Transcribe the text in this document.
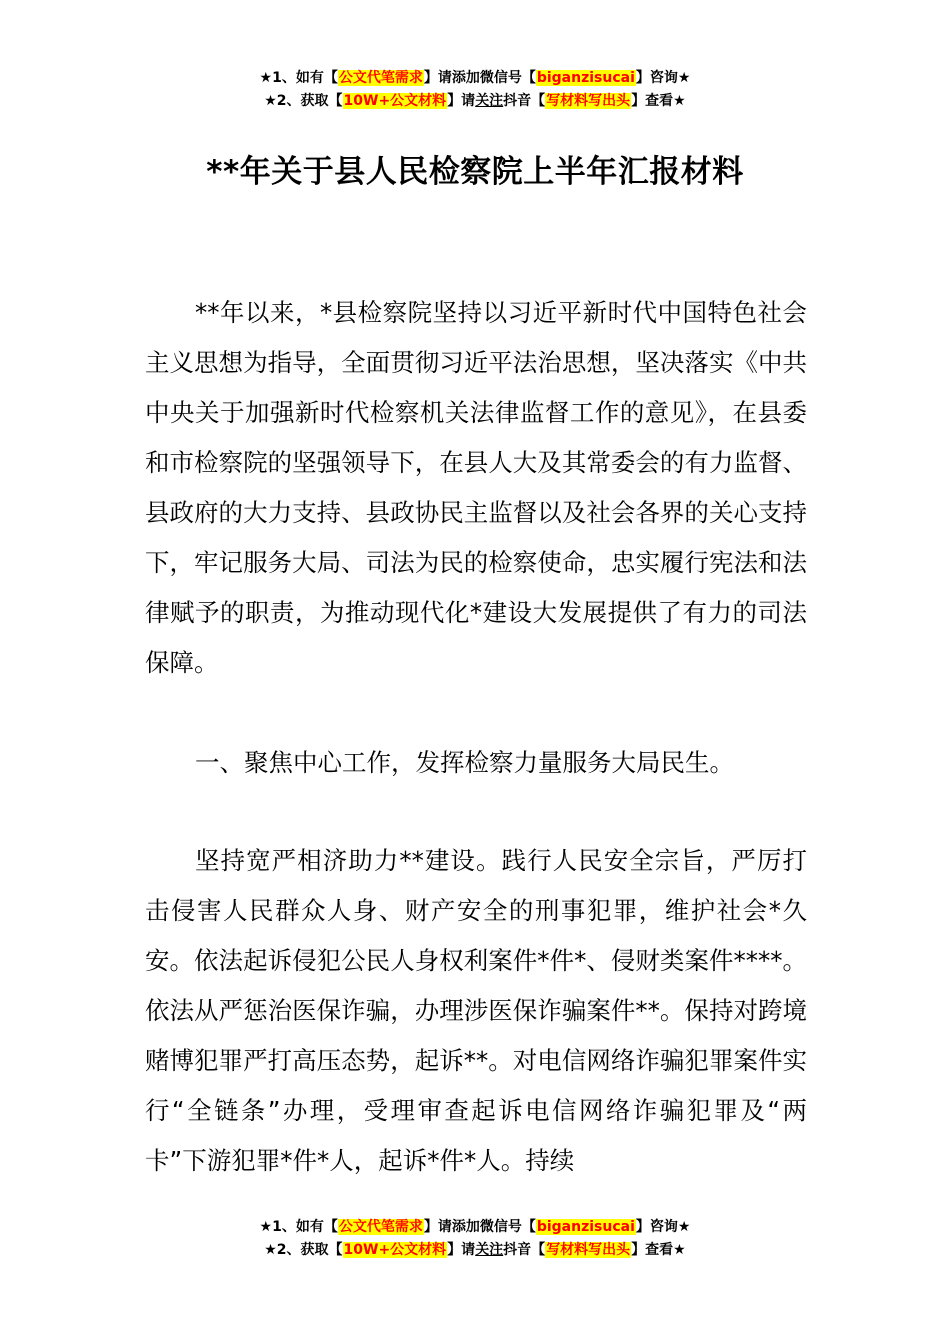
★1、如有【公文代笔需求】请添加微信号【biganzisucai】咨询★
★2、获取【10W+公文材料】请关注抖音【写材料写出头】查看★
**年关于县人民检察院上半年汇报材料

**年以来，*县检察院坚持以习近平新时代中国特色社会主义思想为指导，全面贯彻习近平法治思想，坚决落实《中共中央关于加强新时代检察机关法律监督工作的意见》，在县委和市检察院的坚强领导下，在县人大及其常委会的有力监督、县政府的大力支持、县政协民主监督以及社会各界的关心支持下，牢记服务大局、司法为民的检察使命，忠实履行宪法和法律赋予的职责，为推动现代化*建设大发展提供了有力的司法保障。

一、聚焦中心工作，发挥检察力量服务大局民生。

坚持宽严相济助力**建设。践行人民安全宗旨，严厉打击侵害人民群众人身、财产安全的刑事犯罪，维护社会*久安。依法起诉侵犯公民人身权利案件*件*、侵财类案件****。依法从严惩治医保诈骗，办理涉医保诈骗案件**。保持对跨境赌博犯罪严打高压态势，起诉**。对电信网络诈骗犯罪案件实行“全链条”办理，受理审查起诉电信网络诈骗犯罪及“两卡”下游犯罪*件*人，起诉*件*人。持续

★1、如有【公文代笔需求】请添加微信号【biganzisucai】咨询★
★2、获取【10W+公文材料】请关注抖音【写材料写出头】查看★
